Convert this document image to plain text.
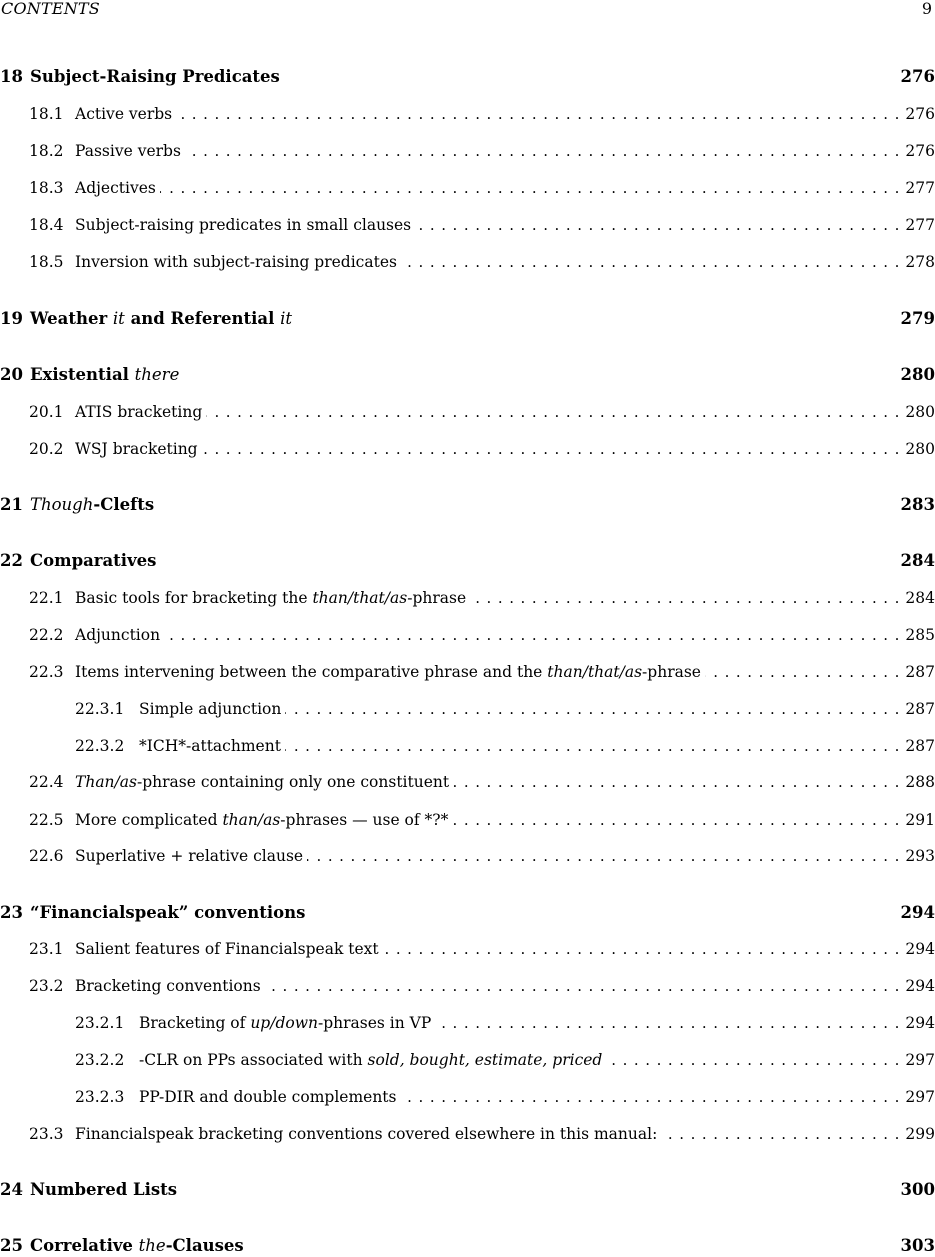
CONTENTS	9
18 Subject-Raising Predicates	276
18.1 Active verbs . . .	276
18.2 Passive verbs . . .	276
18.3 Adjectives . . .	277
18.4 Subject-raising predicates in small clauses . . .	277
18.5 Inversion with subject-raising predicates . . .	278
19 Weather it and Referential it	279
20 Existential there	280
20.1 ATIS bracketing . . .	280
20.2 WSJ bracketing . . .	280
21 Though-Clefts	283
22 Comparatives	284
22.1 Basic tools for bracketing the than/that/as-phrase . . .	284
22.2 Adjunction . . .	285
22.3 Items intervening between the comparative phrase and the than/that/as-phrase . . .	287
22.3.1 Simple adjunction . . .	287
22.3.2 *ICH*-attachment . . .	287
22.4 Than/as-phrase containing only one constituent . . .	288
22.5 More complicated than/as-phrases — use of *?* . . .	291
22.6 Superlative + relative clause . . .	293
23 “Financialspeak” conventions	294
23.1 Salient features of Financialspeak text . . .	294
23.2 Bracketing conventions . . .	294
23.2.1 Bracketing of up/down-phrases in VP . . .	294
23.2.2 -CLR on PPs associated with sold, bought, estimate, priced . . .	297
23.2.3 PP-DIR and double complements . . .	297
23.3 Financialspeak bracketing conventions covered elsewhere in this manual: . . .	299
24 Numbered Lists	300
25 Correlative the-Clauses	303
